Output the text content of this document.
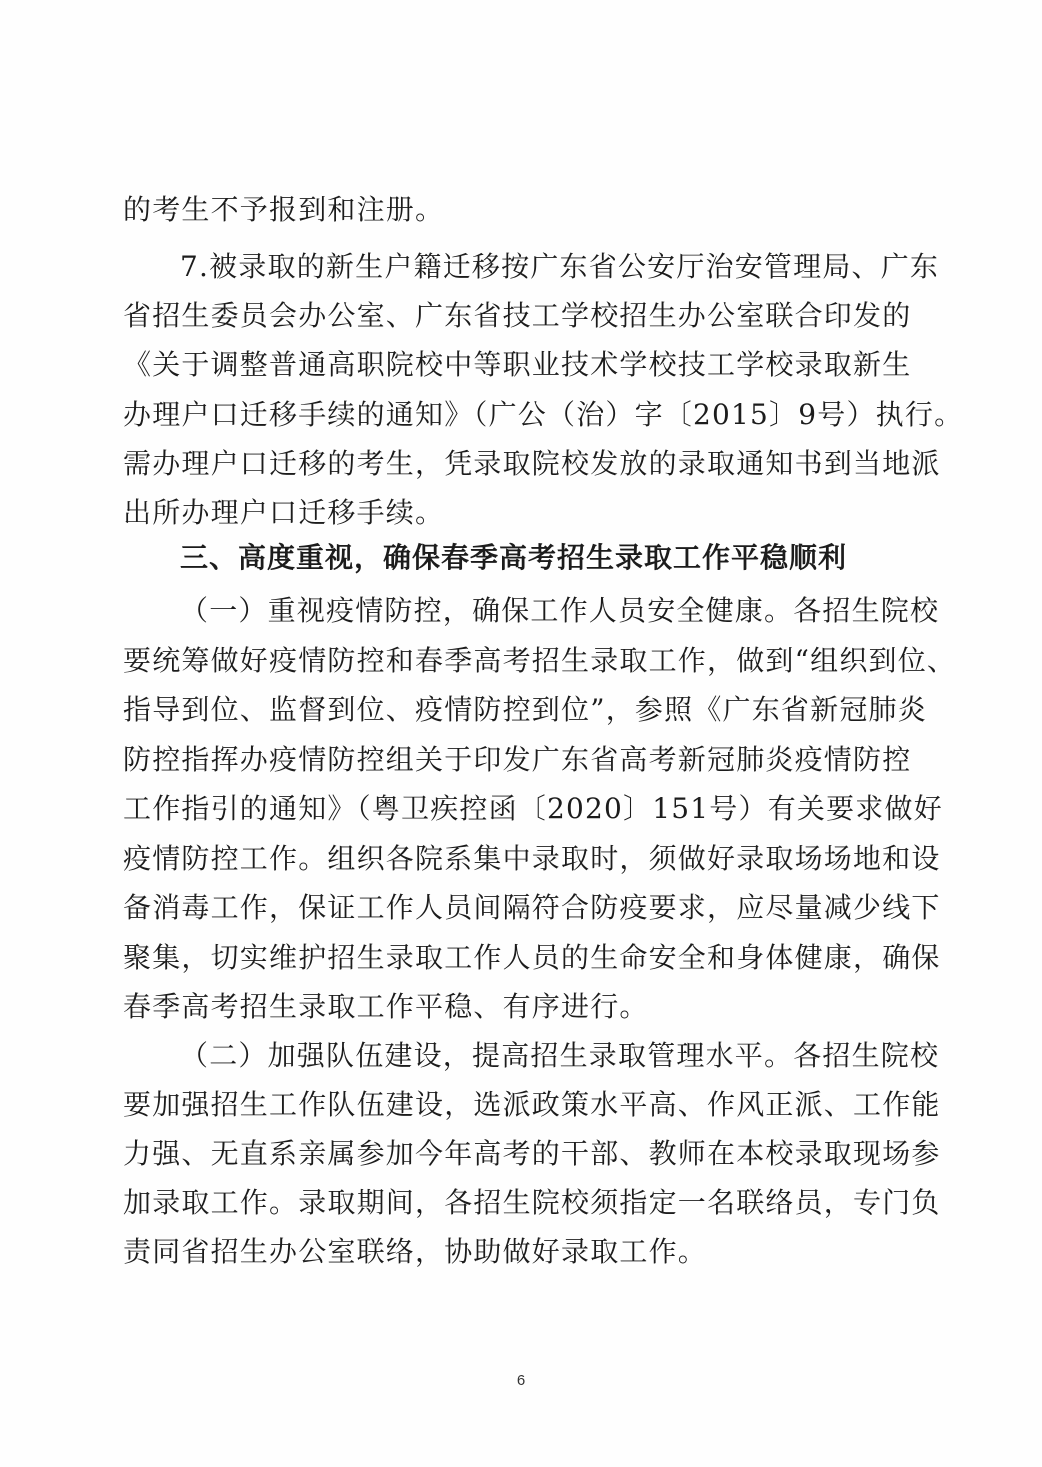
的考生不予报到和注册。
7.被录取的新生户籍迁移按广东省公安厅治安管理局、广东
省招生委员会办公室、广东省技工学校招生办公室联合印发的
《关于调整普通高职院校中等职业技术学校技工学校录取新生
办理户口迁移手续的通知》（广公（治）字〔2015〕9号）执行。
需办理户口迁移的考生，凭录取院校发放的录取通知书到当地派
出所办理户口迁移手续。
三、高度重视，确保春季高考招生录取工作平稳顺利
（一）重视疫情防控，确保工作人员安全健康。各招生院校
要统筹做好疫情防控和春季高考招生录取工作，做到“组织到位、
指导到位、监督到位、疫情防控到位”，参照《广东省新冠肺炎
防控指挥办疫情防控组关于印发广东省高考新冠肺炎疫情防控
工作指引的通知》（粤卫疾控函〔2020〕151号）有关要求做好
疫情防控工作。组织各院系集中录取时，须做好录取场场地和设
备消毒工作，保证工作人员间隔符合防疫要求，应尽量减少线下
聚集，切实维护招生录取工作人员的生命安全和身体健康，确保
春季高考招生录取工作平稳、有序进行。
（二）加强队伍建设，提高招生录取管理水平。各招生院校
要加强招生工作队伍建设，选派政策水平高、作风正派、工作能
力强、无直系亲属参加今年高考的干部、教师在本校录取现场参
加录取工作。录取期间，各招生院校须指定一名联络员，专门负
责同省招生办公室联络，协助做好录取工作。
6
